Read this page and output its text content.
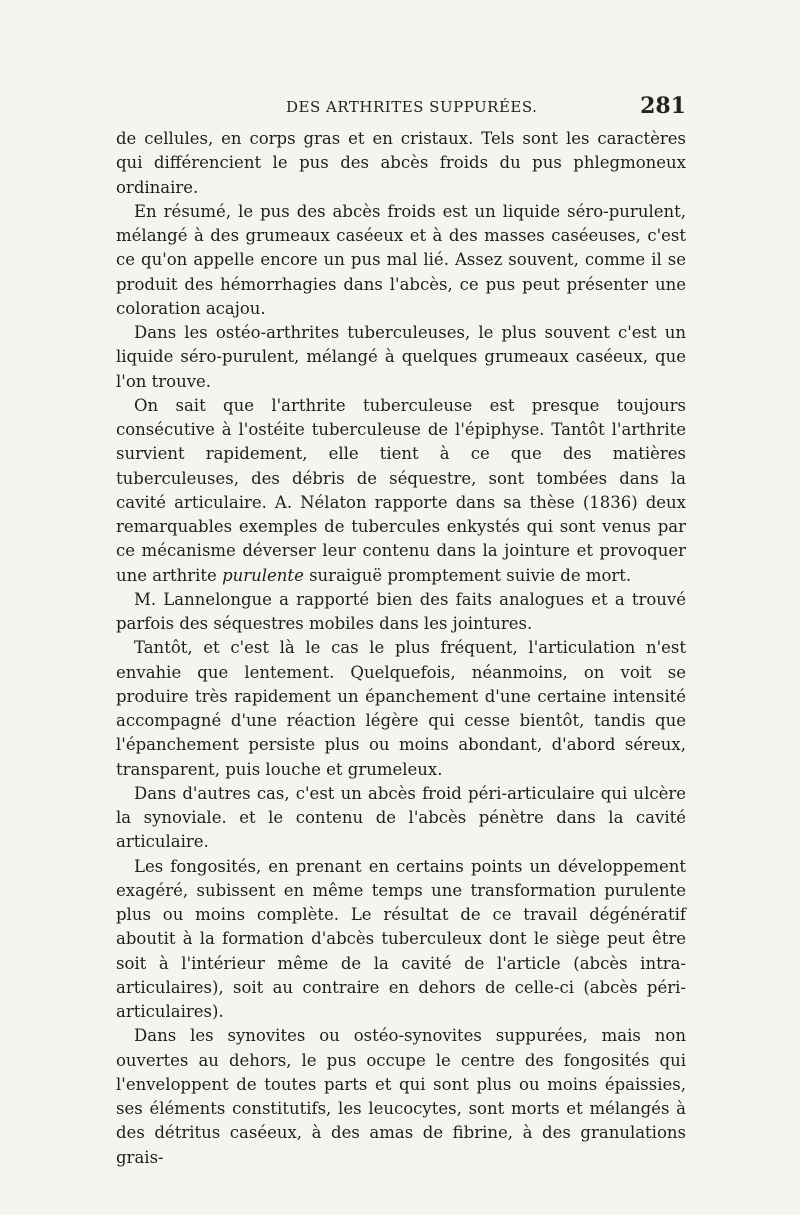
DES ARTHRITES SUPPURÉES.	281

de cellules, en corps gras et en cristaux. Tels sont les caractères qui différencient le pus des abcès froids du pus phlegmoneux ordinaire.

En résumé, le pus des abcès froids est un liquide séro-purulent, mélangé à des grumeaux caséeux et à des masses caséeuses, c'est ce qu'on appelle encore un pus mal lié. Assez souvent, comme il se produit des hémorrhagies dans l'abcès, ce pus peut présenter une coloration acajou.

Dans les ostéo-arthrites tuberculeuses, le plus souvent c'est un liquide séro-purulent, mélangé à quelques grumeaux caséeux, que l'on trouve.

On sait que l'arthrite tuberculeuse est presque toujours consécutive à l'ostéite tuberculeuse de l'épiphyse. Tantôt l'arthrite survient rapidement, elle tient à ce que des matières tuberculeuses, des débris de séquestre, sont tombées dans la cavité articulaire. A. Nélaton rapporte dans sa thèse (1836) deux remarquables exemples de tubercules enkystés qui sont venus par ce mécanisme déverser leur contenu dans la jointure et provoquer une arthrite purulente suraiguë promptement suivie de mort.

M. Lannelongue a rapporté bien des faits analogues et a trouvé parfois des séquestres mobiles dans les jointures.

Tantôt, et c'est là le cas le plus fréquent, l'articulation n'est envahie que lentement. Quelquefois, néanmoins, on voit se produire très rapidement un épanchement d'une certaine intensité accompagné d'une réaction légère qui cesse bientôt, tandis que l'épanchement persiste plus ou moins abondant, d'abord séreux, transparent, puis louche et grumeleux.

Dans d'autres cas, c'est un abcès froid péri-articulaire qui ulcère la synoviale. et le contenu de l'abcès pénètre dans la cavité articulaire.

Les fongosités, en prenant en certains points un développement exagéré, subissent en même temps une transformation purulente plus ou moins complète. Le résultat de ce travail dégénératif aboutit à la formation d'abcès tuberculeux dont le siège peut être soit à l'intérieur même de la cavité de l'article (abcès intra-articulaires), soit au contraire en dehors de celle-ci (abcès péri-articulaires).

Dans les synovites ou ostéo-synovites suppurées, mais non ouvertes au dehors, le pus occupe le centre des fongosités qui l'enveloppent de toutes parts et qui sont plus ou moins épaissies, ses éléments constitutifs, les leucocytes, sont morts et mélangés à des détritus caséeux, à des amas de fibrine, à des granulations grais-
